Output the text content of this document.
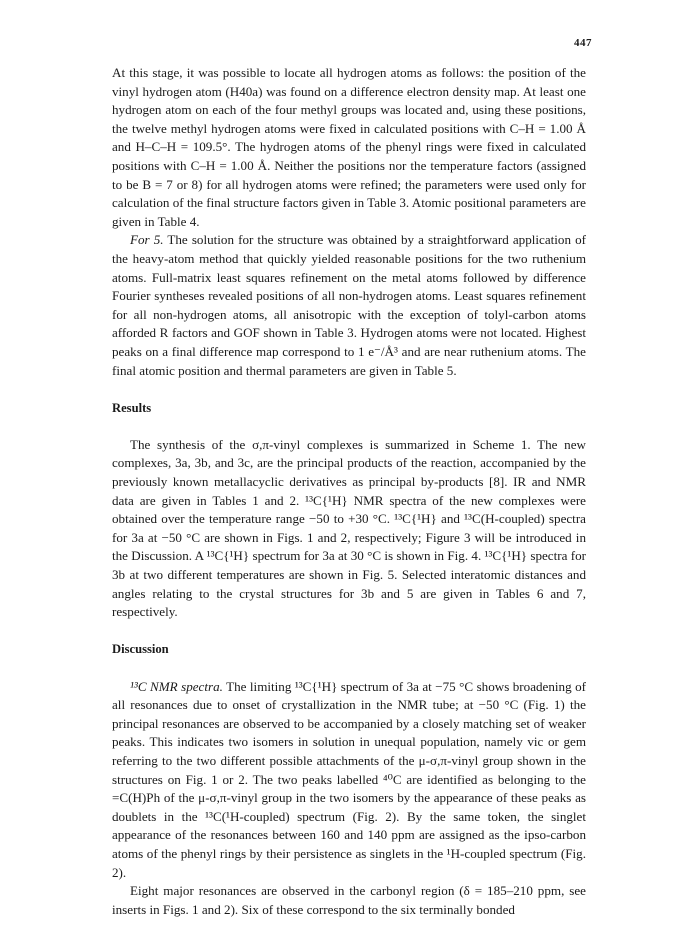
447

At this stage, it was possible to locate all hydrogen atoms as follows: the position of the vinyl hydrogen atom (H40a) was found on a difference electron density map. At least one hydrogen atom on each of the four methyl groups was located and, using these positions, the twelve methyl hydrogen atoms were fixed in calculated positions with C–H = 1.00 Å and H–C–H = 109.5°. The hydrogen atoms of the phenyl rings were fixed in calculated positions with C–H = 1.00 Å. Neither the positions nor the temperature factors (assigned to be B = 7 or 8) for all hydrogen atoms were refined; the parameters were used only for calculation of the final structure factors given in Table 3. Atomic positional parameters are given in Table 4.

For 5. The solution for the structure was obtained by a straightforward application of the heavy-atom method that quickly yielded reasonable positions for the two ruthenium atoms. Full-matrix least squares refinement on the metal atoms followed by difference Fourier syntheses revealed positions of all non-hydrogen atoms. Least squares refinement for all non-hydrogen atoms, all anisotropic with the exception of tolyl-carbon atoms afforded R factors and GOF shown in Table 3. Hydrogen atoms were not located. Highest peaks on a final difference map correspond to 1 e⁻/Å³ and are near ruthenium atoms. The final atomic position and thermal parameters are given in Table 5.

Results

The synthesis of the σ,π-vinyl complexes is summarized in Scheme 1. The new complexes, 3a, 3b, and 3c, are the principal products of the reaction, accompanied by the previously known metallacyclic derivatives as principal by-products [8]. IR and NMR data are given in Tables 1 and 2. ¹³C{¹H} NMR spectra of the new complexes were obtained over the temperature range −50 to +30 °C. ¹³C{¹H} and ¹³C(H-coupled) spectra for 3a at −50 °C are shown in Figs. 1 and 2, respectively; Figure 3 will be introduced in the Discussion. A ¹³C{¹H} spectrum for 3a at 30 °C is shown in Fig. 4. ¹³C{¹H} spectra for 3b at two different temperatures are shown in Fig. 5. Selected interatomic distances and angles relating to the crystal structures for 3b and 5 are given in Tables 6 and 7, respectively.

Discussion

¹³C NMR spectra. The limiting ¹³C{¹H} spectrum of 3a at −75 °C shows broadening of all resonances due to onset of crystallization in the NMR tube; at −50 °C (Fig. 1) the principal resonances are observed to be accompanied by a closely matching set of weaker peaks. This indicates two isomers in solution in unequal population, namely vic or gem referring to the two different possible attachments of the μ-σ,π-vinyl group shown in the structures on Fig. 1 or 2. The two peaks labelled ⁴⁰C are identified as belonging to the =C(H)Ph of the μ-σ,π-vinyl group in the two isomers by the appearance of these peaks as doublets in the ¹³C(¹H-coupled) spectrum (Fig. 2). By the same token, the singlet appearance of the resonances between 160 and 140 ppm are assigned as the ipso-carbon atoms of the phenyl rings by their persistence as singlets in the ¹H-coupled spectrum (Fig. 2).

Eight major resonances are observed in the carbonyl region (δ = 185–210 ppm, see inserts in Figs. 1 and 2). Six of these correspond to the six terminally bonded
